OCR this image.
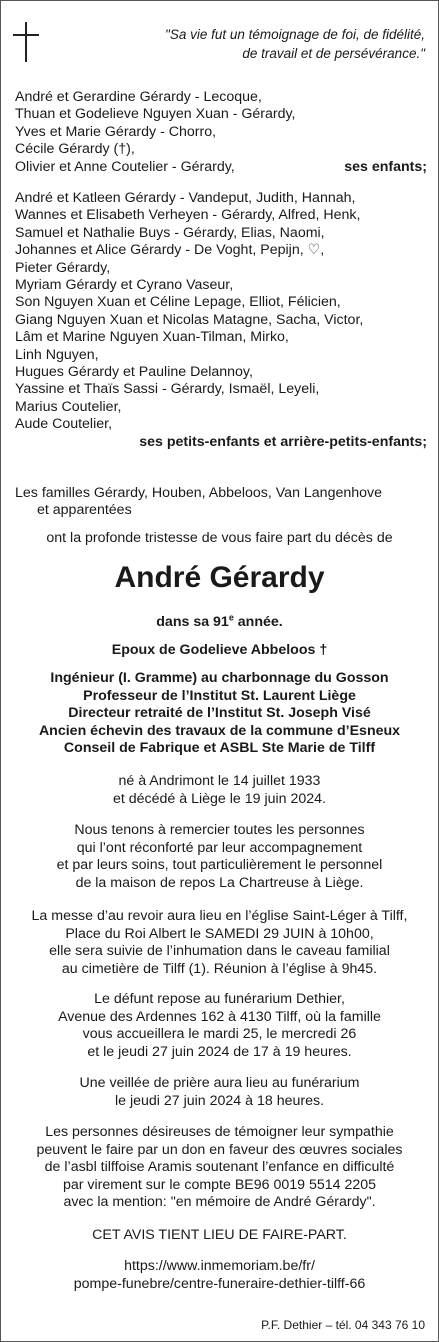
"Sa vie fut un témoignage de foi, de fidélité,
de travail et de persévérance."
André et Gerardine Gérardy - Lecoque,
Thuan et Godelieve Nguyen Xuan - Gérardy,
Yves et Marie Gérardy - Chorro,
Cécile Gérardy (†),
Olivier et Anne Coutelier - Gérardy,	ses enfants;
André et Katleen Gérardy - Vandeput, Judith, Hannah,
Wannes et Elisabeth Verheyen - Gérardy, Alfred, Henk,
Samuel et Nathalie Buys - Gérardy, Elias, Naomi,
Johannes et Alice Gérardy - De Voght, Pepijn, ♡,
Pieter Gérardy,
Myriam Gérardy et Cyrano Vaseur,
Son Nguyen Xuan et Céline Lepage, Elliot, Félicien,
Giang Nguyen Xuan et Nicolas Matagne, Sacha, Victor,
Lâm et Marine Nguyen Xuan-Tilman, Mirko,
Linh Nguyen,
Hugues Gérardy et Pauline Delannoy,
Yassine et Thaïs Sassi - Gérardy, Ismaël, Leyeli,
Marius Coutelier,
Aude Coutelier,
ses petits-enfants et arrière-petits-enfants;
Les familles Gérardy, Houben, Abbeloos, Van Langenhove
et apparentées
ont la profonde tristesse de vous faire part du décès de
André Gérardy
dans sa 91e année.
Epoux de Godelieve Abbeloos †
Ingénieur (I. Gramme) au charbonnage du Gosson
Professeur de l’Institut St. Laurent Liège
Directeur retraité de l’Institut St. Joseph Visé
Ancien échevin des travaux de la commune d’Esneux
Conseil de Fabrique et ASBL Ste Marie de Tilff
né à Andrimont le 14 juillet 1933
et décédé à Liège le 19 juin 2024.
Nous tenons à remercier toutes les personnes
qui l’ont réconforté par leur accompagnement
et par leurs soins, tout particulièrement le personnel
de la maison de repos La Chartreuse à Liège.
La messe d’au revoir aura lieu en l’église Saint-Léger à Tilff,
Place du Roi Albert le SAMEDI 29 JUIN à 10h00,
elle sera suivie de l’inhumation dans le caveau familial
au cimetière de Tilff (1). Réunion à l’église à 9h45.
Le défunt repose au funérarium Dethier,
Avenue des Ardennes 162 à 4130 Tilff, où la famille
vous accueillera le mardi 25, le mercredi 26
et le jeudi 27 juin 2024 de 17 à 19 heures.
Une veillée de prière aura lieu au funérarium
le jeudi 27 juin 2024 à 18 heures.
Les personnes désireuses de témoigner leur sympathie
peuvent le faire par un don en faveur des œuvres sociales
de l’asbl tilffoise Aramis soutenant l’enfance en difficulté
par virement sur le compte BE96 0019 5514 2205
avec la mention: "en mémoire de André Gérardy".
CET AVIS TIENT LIEU DE FAIRE-PART.
https://www.inmemoriam.be/fr/
pompe-funebre/centre-funeraire-dethier-tilff-66
P.F. Dethier – tél. 04 343 76 10
